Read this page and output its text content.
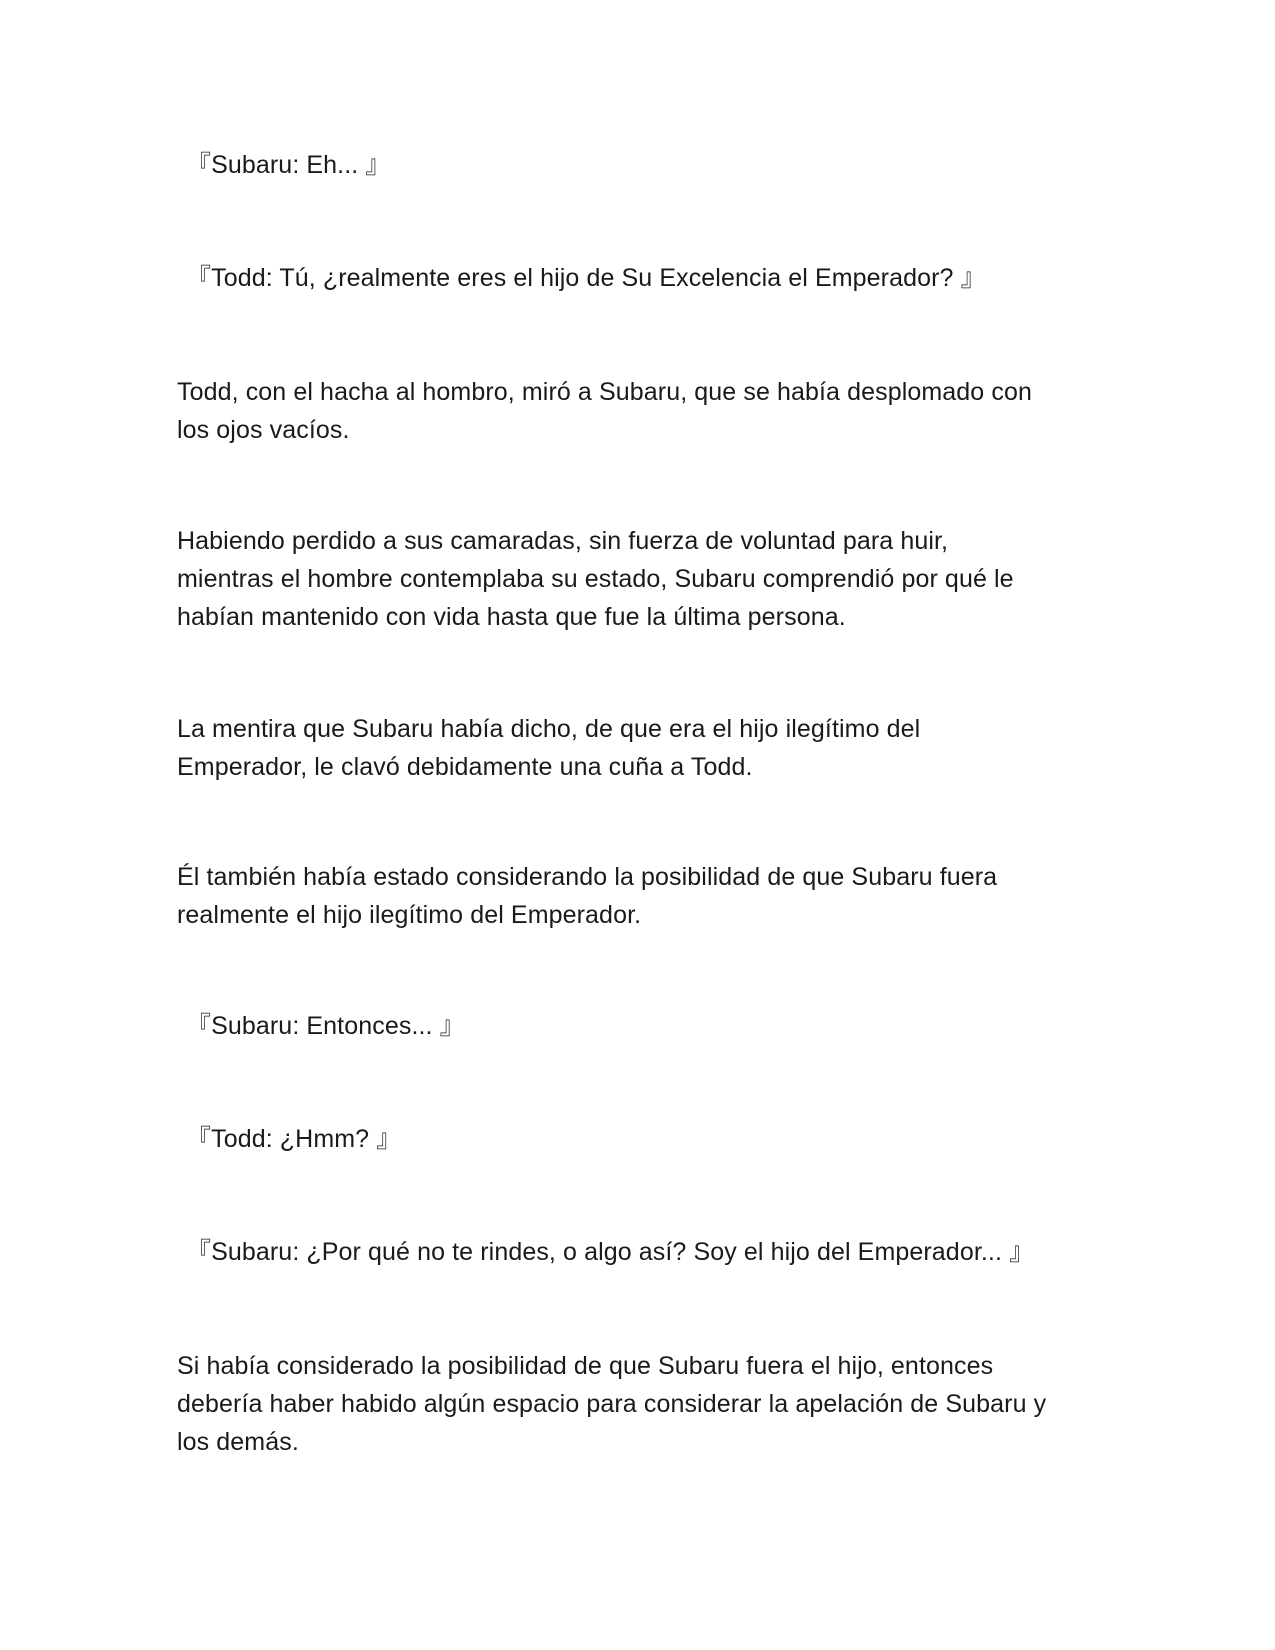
『Subaru: Eh... 』

『Todd: Tú, ¿realmente eres el hijo de Su Excelencia el Emperador? 』

Todd, con el hacha al hombro, miró a Subaru, que se había desplomado con
los ojos vacíos.

Habiendo perdido a sus camaradas, sin fuerza de voluntad para huir,
mientras el hombre contemplaba su estado, Subaru comprendió por qué le
habían mantenido con vida hasta que fue la última persona.

La mentira que Subaru había dicho, de que era el hijo ilegítimo del
Emperador, le clavó debidamente una cuña a Todd.

Él también había estado considerando la posibilidad de que Subaru fuera
realmente el hijo ilegítimo del Emperador.

『Subaru: Entonces... 』

『Todd: ¿Hmm? 』

『Subaru: ¿Por qué no te rindes, o algo así? Soy el hijo del Emperador... 』

Si había considerado la posibilidad de que Subaru fuera el hijo, entonces
debería haber habido algún espacio para considerar la apelación de Subaru y
los demás.
